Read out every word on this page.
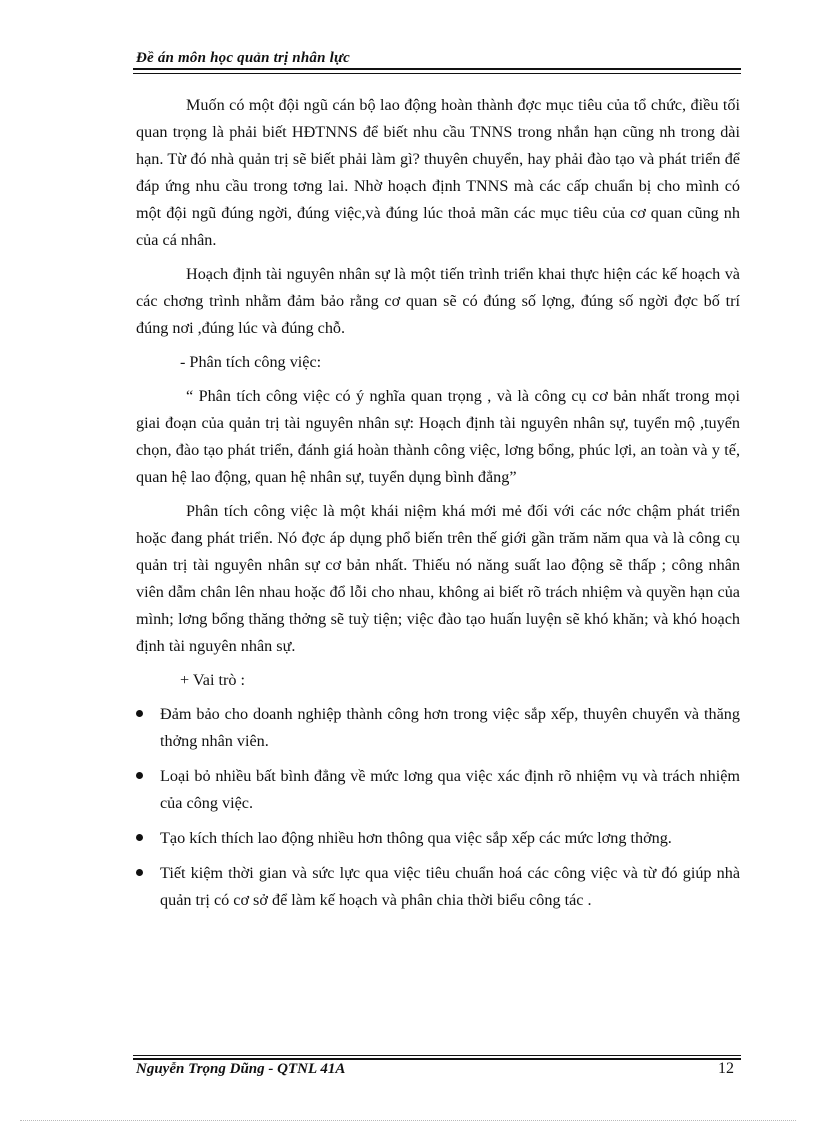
Đề án môn học quản trị nhân lực

Muốn có một đội ngũ cán bộ lao động hoàn thành đợc mục tiêu của tổ chức, điều tối quan trọng là phải biết HĐTNNS để biết nhu cầu TNNS trong nhắn hạn cũng nh trong dài hạn. Từ đó nhà quản trị sẽ biết phải làm gì? thuyên chuyển, hay phải đào tạo và phát triển để đáp ứng nhu cầu trong tơng lai. Nhờ hoạch định TNNS mà các cấp chuẩn bị cho mình có một đội ngũ đúng ngời, đúng việc,và đúng lúc thoả mãn các mục tiêu của cơ quan cũng nh của cá nhân.

Hoạch định tài nguyên nhân sự là một tiến trình triển khai thực hiện các kế hoạch và các chơng trình nhằm đảm bảo rằng cơ quan sẽ có đúng số lợng, đúng số ngời đợc bố trí đúng nơi ,đúng lúc và đúng chỗ.

- Phân tích công việc:

“ Phân tích công việc có ý nghĩa quan trọng , và là công cụ cơ bản nhất trong mọi giai đoạn của quản trị tài nguyên nhân sự: Hoạch định tài nguyên nhân sự, tuyển mộ ,tuyển chọn, đào tạo phát triển, đánh giá hoàn thành công việc, lơng bổng, phúc lợi, an toàn và y tế, quan hệ lao động, quan hệ nhân sự, tuyển dụng bình đẳng”

Phân tích công việc là một khái niệm khá mới mẻ đối với các nớc chậm phát triển hoặc đang phát triển. Nó đợc áp dụng phổ biến trên thế giới gần trăm năm qua và là công cụ quản trị tài nguyên nhân sự cơ bản nhất. Thiếu nó năng suất lao động sẽ thấp ; công nhân viên dẫm chân lên nhau hoặc đổ lỗi cho nhau, không ai biết rõ trách nhiệm và quyền hạn của mình; lơng bổng thăng thởng sẽ tuỳ tiện; việc đào tạo huấn luyện sẽ khó khăn; và khó hoạch định tài nguyên nhân sự.

+ Vai trò :
Đảm bảo cho doanh nghiệp thành công hơn trong việc sắp xếp, thuyên chuyển và thăng thởng nhân viên.
Loại bỏ nhiều bất bình đẳng về mức lơng qua việc xác định rõ nhiệm vụ và trách nhiệm của công việc.
Tạo kích thích lao động nhiều hơn thông qua việc sắp xếp các mức lơng thởng.
Tiết kiệm thời gian và sức lực qua việc tiêu chuẩn hoá các công việc và từ đó giúp nhà quản trị có cơ sở để làm kế hoạch và phân chia thời biểu công tác .
Nguyễn Trọng Dũng - QTNL 41A	12
